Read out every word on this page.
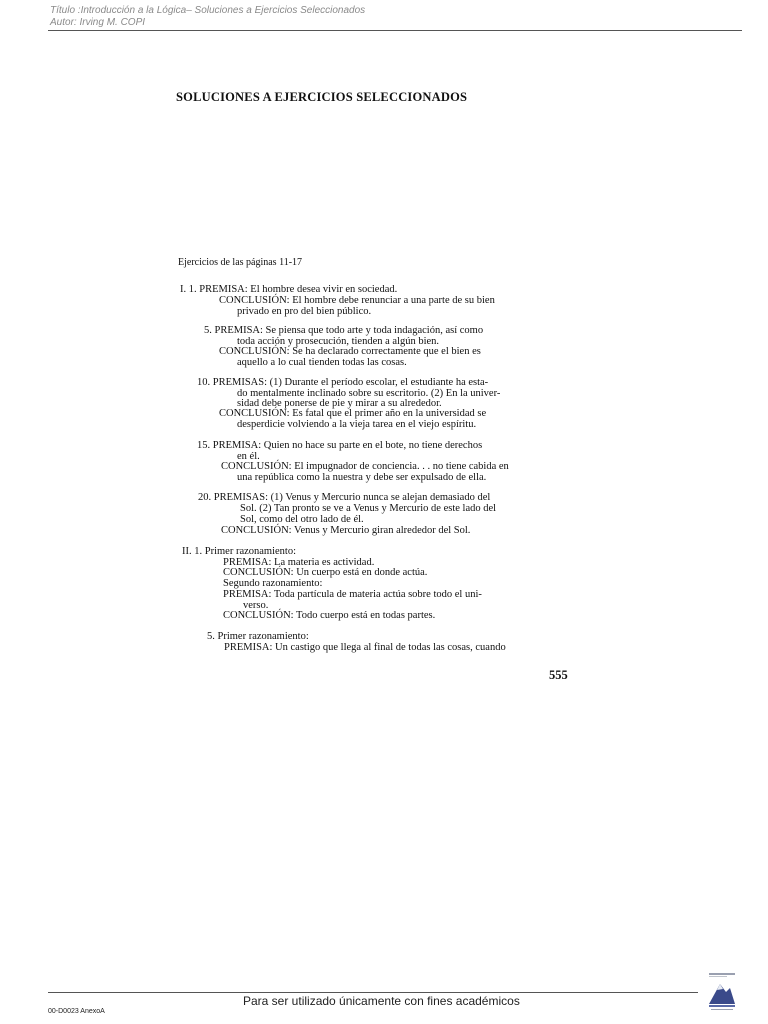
Título :Introducción a la Lógica– Soluciones a Ejercicios Seleccionados
Autor: Irving M. COPI
SOLUCIONES A EJERCICIOS SELECCIONADOS
Ejercicios de las páginas 11-17
I. 1. PREMISA: El hombre desea vivir en sociedad.
CONCLUSIÓN: El hombre debe renunciar a una parte de su bien
privado en pro del bien público.
5. PREMISA: Se piensa que todo arte y toda indagación, así como
toda acción y prosecución, tienden a algún bien.
CONCLUSIÓN: Se ha declarado correctamente que el bien es
aquello a lo cual tienden todas las cosas.
10. PREMISAS: (1) Durante el período escolar, el estudiante ha esta-
do mentalmente inclinado sobre su escritorio. (2) En la univer-
sidad debe ponerse de pie y mirar a su alrededor.
CONCLUSIÓN: Es fatal que el primer año en la universidad se
desperdicie volviendo a la vieja tarea en el viejo espíritu.
15. PREMISA: Quien no hace su parte en el bote, no tiene derechos
en él.
CONCLUSIÓN: El impugnador de conciencia. . . no tiene cabida en
una república como la nuestra y debe ser expulsado de ella.
20. PREMISAS: (1) Venus y Mercurio nunca se alejan demasiado del
Sol. (2) Tan pronto se ve a Venus y Mercurio de este lado del
Sol, como del otro lado de él.
CONCLUSIÓN: Venus y Mercurio giran alrededor del Sol.
II. 1. Primer razonamiento:
PREMISA: La materia es actividad.
CONCLUSIÓN: Un cuerpo está en donde actúa.
Segundo razonamiento:
PREMISA: Toda partícula de materia actúa sobre todo el uni-
verso.
CONCLUSIÓN: Todo cuerpo está en todas partes.
5. Primer razonamiento:
PREMISA: Un castigo que llega al final de todas las cosas, cuando
555
Para ser utilizado únicamente con fines académicos
00-D0023 AnexoA
